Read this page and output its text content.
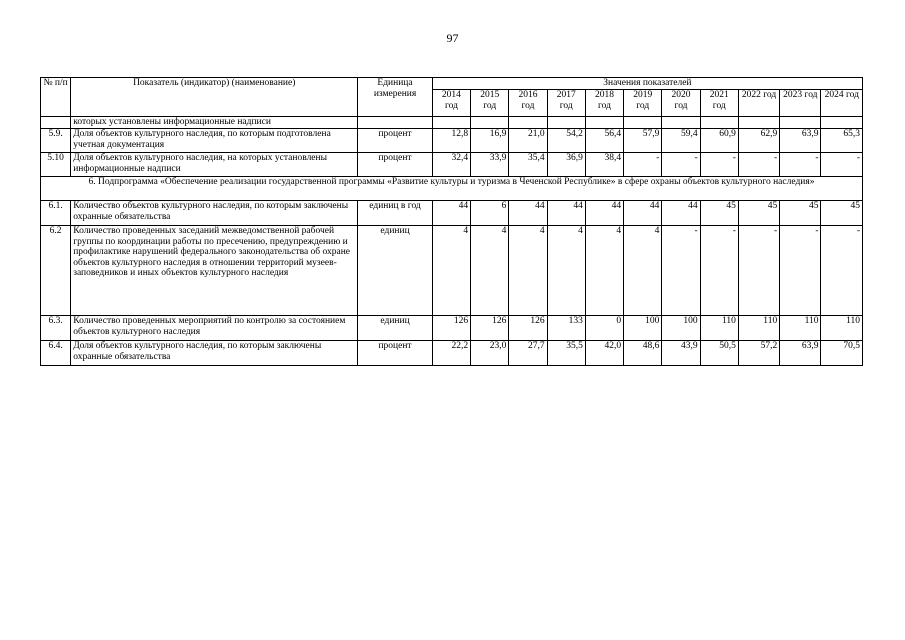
97
№ п/п	Показатель (индикатор) (наименование)	Единица измерения	Значения показателей										
			2014 год	2015 год	2016 год	2017 год	2018 год	2019 год	2020 год	2021 год	2022 год	2023 год	2024 год
	которых установлены информационные надписи												
5.9.	Доля объектов культурного наследия, по которым подготовлена учетная документация	процент	12,8	16,9	21,0	54,2	56,4	57,9	59,4	60,9	62,9	63,9	65,3
5.10	Доля объектов культурного наследия, на которых установлены информационные надписи	процент	32,4	33,9	35,4	36,9	38,4	-	-	-	-	-	-
6. Подпрограмма «Обеспечение реализации государственной программы «Развитие культуры и туризма в Чеченской Республике» в сфере охраны объектов культурного наследия»													
6.1.	Количество объектов культурного наследия, по которым заключены охранные обязательства	единиц в год	44	6	44	44	44	44	44	45	45	45	45
6.2	Количество проведенных заседаний межведомственной рабочей группы по координации работы по пресечению, предупреждению и профилактике нарушений федерального законодательства об охране объектов культурного наследия в отношении территорий музеев-заповедников и иных объектов культурного наследия	единиц	4	4	4	4	4	4	-	-	-	-	-
6.3.	Количество проведенных мероприятий по контролю за состоянием объектов культурного наследия	единиц	126	126	126	133	0	100	100	110	110	110	110
6.4.	Доля объектов культурного наследия, по которым заключены охранные обязательства	процент	22,2	23,0	27,7	35,5	42,0	48,6	43,9	50,5	57,2	63,9	70,5
